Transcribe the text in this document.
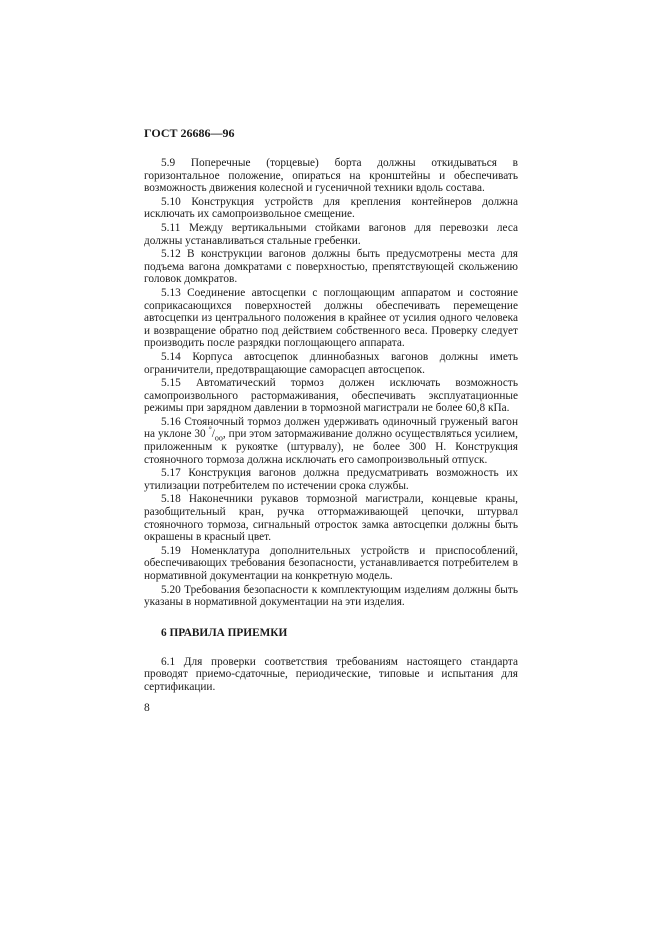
ГОСТ 26686—96

5.9 Поперечные (торцевые) борта должны откидываться в горизонтальное положение, опираться на кронштейны и обеспечивать возможность движения колесной и гусеничной техники вдоль состава.

5.10 Конструкция устройств для крепления контейнеров должна исключать их самопроизвольное смещение.

5.11 Между вертикальными стойками вагонов для перевозки леса должны устанавливаться стальные гребенки.

5.12 В конструкции вагонов должны быть предусмотрены места для подъема вагона домкратами с поверхностью, препятствующей скольжению головок домкратов.

5.13 Соединение автосцепки с поглощающим аппаратом и состояние соприкасающихся поверхностей должны обеспечивать перемещение автосцепки из центрального положения в крайнее от усилия одного человека и возвращение обратно под действием собственного веса. Проверку следует производить после разрядки поглощающего аппарата.

5.14 Корпуса автосцепок длиннобазных вагонов должны иметь ограничители, предотвращающие саморасцеп автосцепок.

5.15 Автоматический тормоз должен исключать возможность самопроизвольного растормаживания, обеспечивать эксплуатационные режимы при зарядном давлении в тормозной магистрали не более 60,8 кПа.

5.16 Стояночный тормоз должен удерживать одиночный груженый вагон на уклоне 30 $^\circ/_{оо}$, при этом затормаживание должно осуществляться усилием, приложенным к рукоятке (штурвалу), не более 300 Н. Конструкция стояночного тормоза должна исключать его самопроизвольный отпуск.

5.17 Конструкция вагонов должна предусматривать возможность их утилизации потребителем по истечении срока службы.

5.18 Наконечники рукавов тормозной магистрали, концевые краны, разобщительный кран, ручка оттормаживающей цепочки, штурвал стояночного тормоза, сигнальный отросток замка автосцепки должны быть окрашены в красный цвет.

5.19 Номенклатура дополнительных устройств и приспособлений, обеспечивающих требования безопасности, устанавливается потребителем в нормативной документации на конкретную модель.

5.20 Требования безопасности к комплектующим изделиям должны быть указаны в нормативной документации на эти изделия.

6 ПРАВИЛА ПРИЕМКИ

6.1 Для проверки соответствия требованиям настоящего стандарта проводят приемо-сдаточные, периодические, типовые и испытания для сертификации.

8
